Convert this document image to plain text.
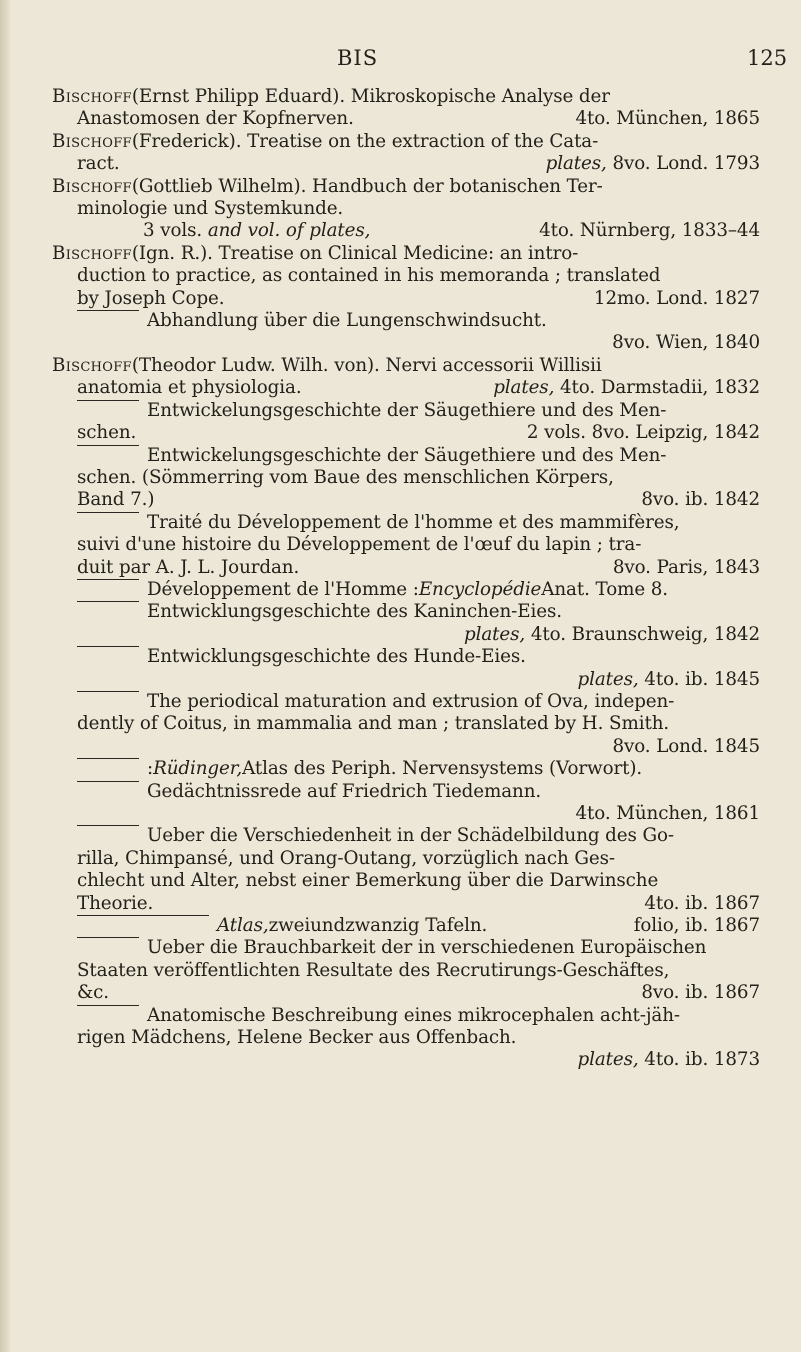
BIS	125
Bischoff (Ernst Philipp Eduard). Mikroskopische Analyse der
Anastomosen der Kopfnerven.	4to. München, 1865
Bischoff (Frederick). Treatise on the extraction of the Cata-
ract.	plates, 8vo. Lond. 1793
Bischoff (Gottlieb Wilhelm). Handbuch der botanischen Ter-
minologie und Systemkunde.
3 vols.
and vol. of plates,	4to. Nürnberg, 1833–44
Bischoff (Ign. R.). Treatise on Clinical Medicine: an intro-
duction to practice, as contained in his memoranda ; translated
by Joseph Cope.	12mo. Lond. 1827
Abhandlung über die Lungenschwindsucht.
8vo. Wien, 1840
Bischoff (Theodor Ludw. Wilh. von). Nervi accessorii Willisii
anatomia et physiologia.	plates, 4to. Darmstadii, 1832
Entwickelungsgeschichte der Säugethiere und des Men-
schen.	2 vols. 8vo. Leipzig, 1842
Entwickelungsgeschichte der Säugethiere und des Men-
schen. (Sömmerring vom Baue des menschlichen Körpers,
Band 7.)	8vo. ib. 1842
Traité du Développement de l'homme et des mammifères,
suivi d'une histoire du Développement de l'œuf du lapin ; tra-
duit par A. J. L. Jourdan.	8vo. Paris, 1843
Développement de l'Homme : Encyclopédie Anat. Tome 8.
Entwicklungsgeschichte des Kaninchen-Eies.
plates, 4to. Braunschweig, 1842
Entwicklungsgeschichte des Hunde-Eies.
plates, 4to. ib. 1845
The periodical maturation and extrusion of Ova, indepen-
dently of Coitus, in mammalia and man ; translated by H. Smith.
8vo. Lond. 1845
: Rüdinger, Atlas des Periph. Nervensystems (Vorwort).
Gedächtnissrede auf Friedrich Tiedemann.
4to. München, 1861
Ueber die Verschiedenheit in der Schädelbildung des Go-
rilla, Chimpansé, und Orang-Outang, vorzüglich nach Ges-
chlecht und Alter, nebst einer Bemerkung über die Darwinsche
Theorie.	4to. ib. 1867
Atlas, zweiundzwanzig Tafeln.	folio, ib. 1867
Ueber die Brauchbarkeit der in verschiedenen Europäischen
Staaten veröffentlichten Resultate des Recrutirungs-Geschäftes,
&c.	8vo. ib. 1867
Anatomische Beschreibung eines mikrocephalen acht-jäh-
rigen Mädchens, Helene Becker aus Offenbach.
plates, 4to. ib. 1873
